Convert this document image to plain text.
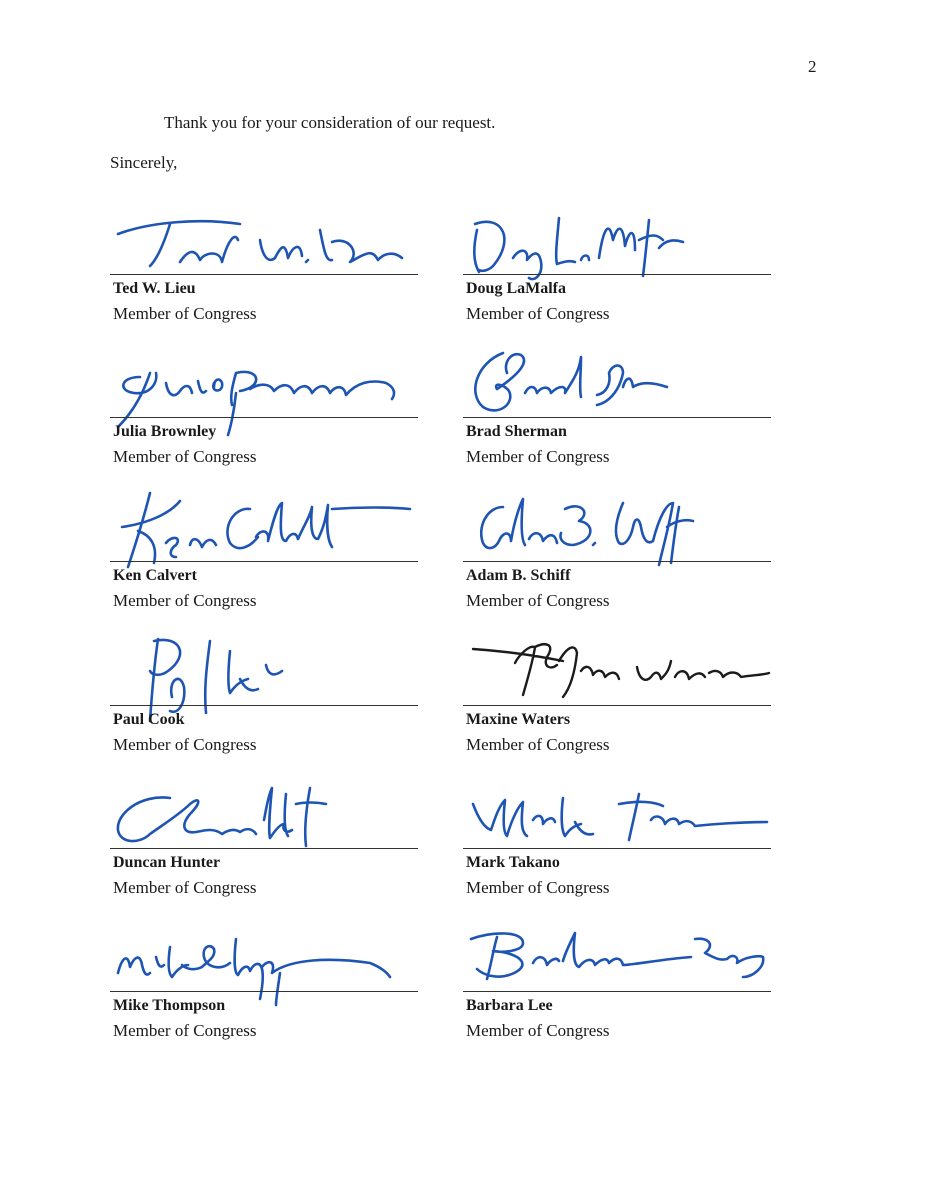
2
Thank you for your consideration of our request.
Sincerely,
Ted W. Lieu
Member of Congress
Doug LaMalfa
Member of Congress
Julia Brownley
Member of Congress
Brad Sherman
Member of Congress
Ken Calvert
Member of Congress
Adam B. Schiff
Member of Congress
Paul Cook
Member of Congress
Maxine Waters
Member of Congress
Duncan Hunter
Member of Congress
Mark Takano
Member of Congress
Mike Thompson
Member of Congress
Barbara Lee
Member of Congress
